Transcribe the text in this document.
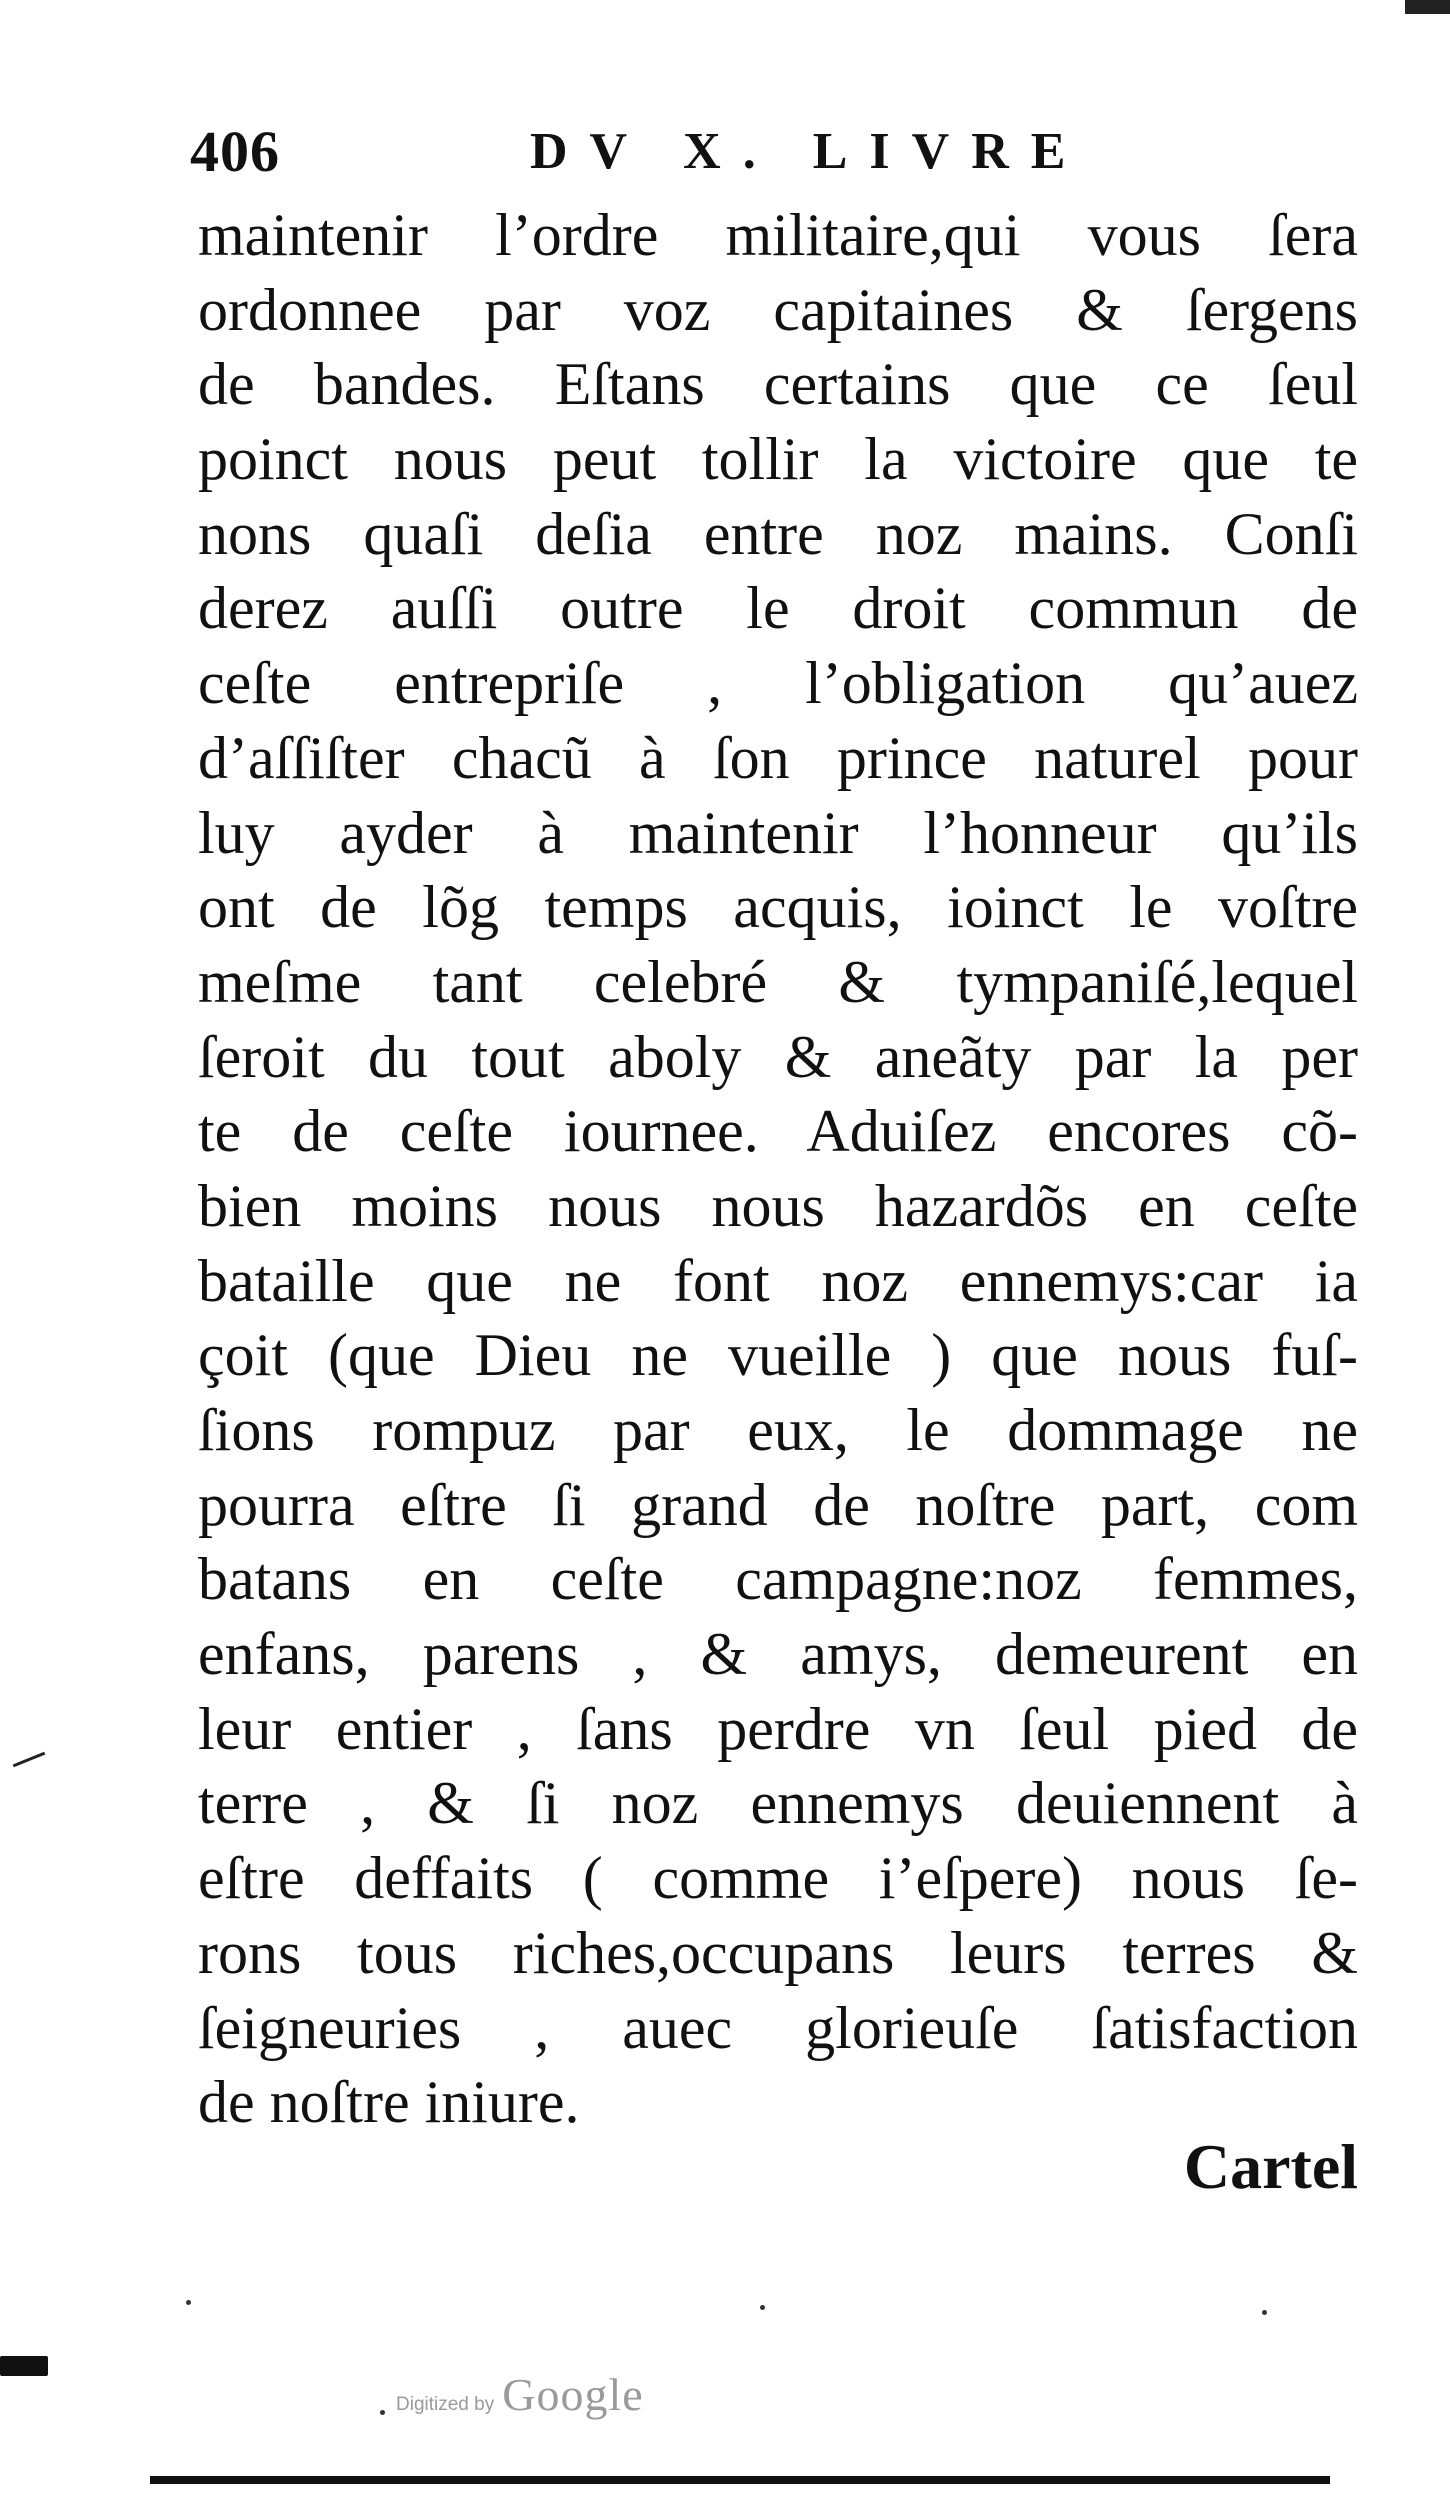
406	DV X. LIVRE
maintenir l’ordre militaire,qui vous ſera
ordonnee par voz capitaines & ſergens
de bandes. Eſtans certains que ce ſeul
poinct nous peut tollir la victoire que te
nons quaſi deſia entre noz mains. Conſi
derez auſſi outre le droit commun de
ceſte entrepriſe , l’obligation qu’auez
d’aſſiſter chacũ à ſon prince naturel pour
luy ayder à maintenir l’honneur qu’ils
ont de lõg temps acquis, ioinct le voſtre
meſme tant celebré & tympaniſé,lequel
ſeroit du tout aboly & aneãty par la per
te de ceſte iournee. Aduiſez encores cõ-
bien moins nous nous hazardõs en ceſte
bataille que ne font noz ennemys:car ia
çoit (que Dieu ne vueille ) que nous fuſ-
ſions rompuz par eux, le dommage ne
pourra eſtre ſi grand de noſtre part, com
batans en ceſte campagne:noz femmes,
enfans, parens , & amys, demeurent en
leur entier , ſans perdre vn ſeul pied de
terre , & ſi noz ennemys deuiennent à
eſtre deffaits ( comme i’eſpere) nous ſe-
rons tous riches,occupans leurs terres &
ſeigneuries , auec glorieuſe ſatisfaction
de noſtre iniure.
Cartel
Digitized by Google
